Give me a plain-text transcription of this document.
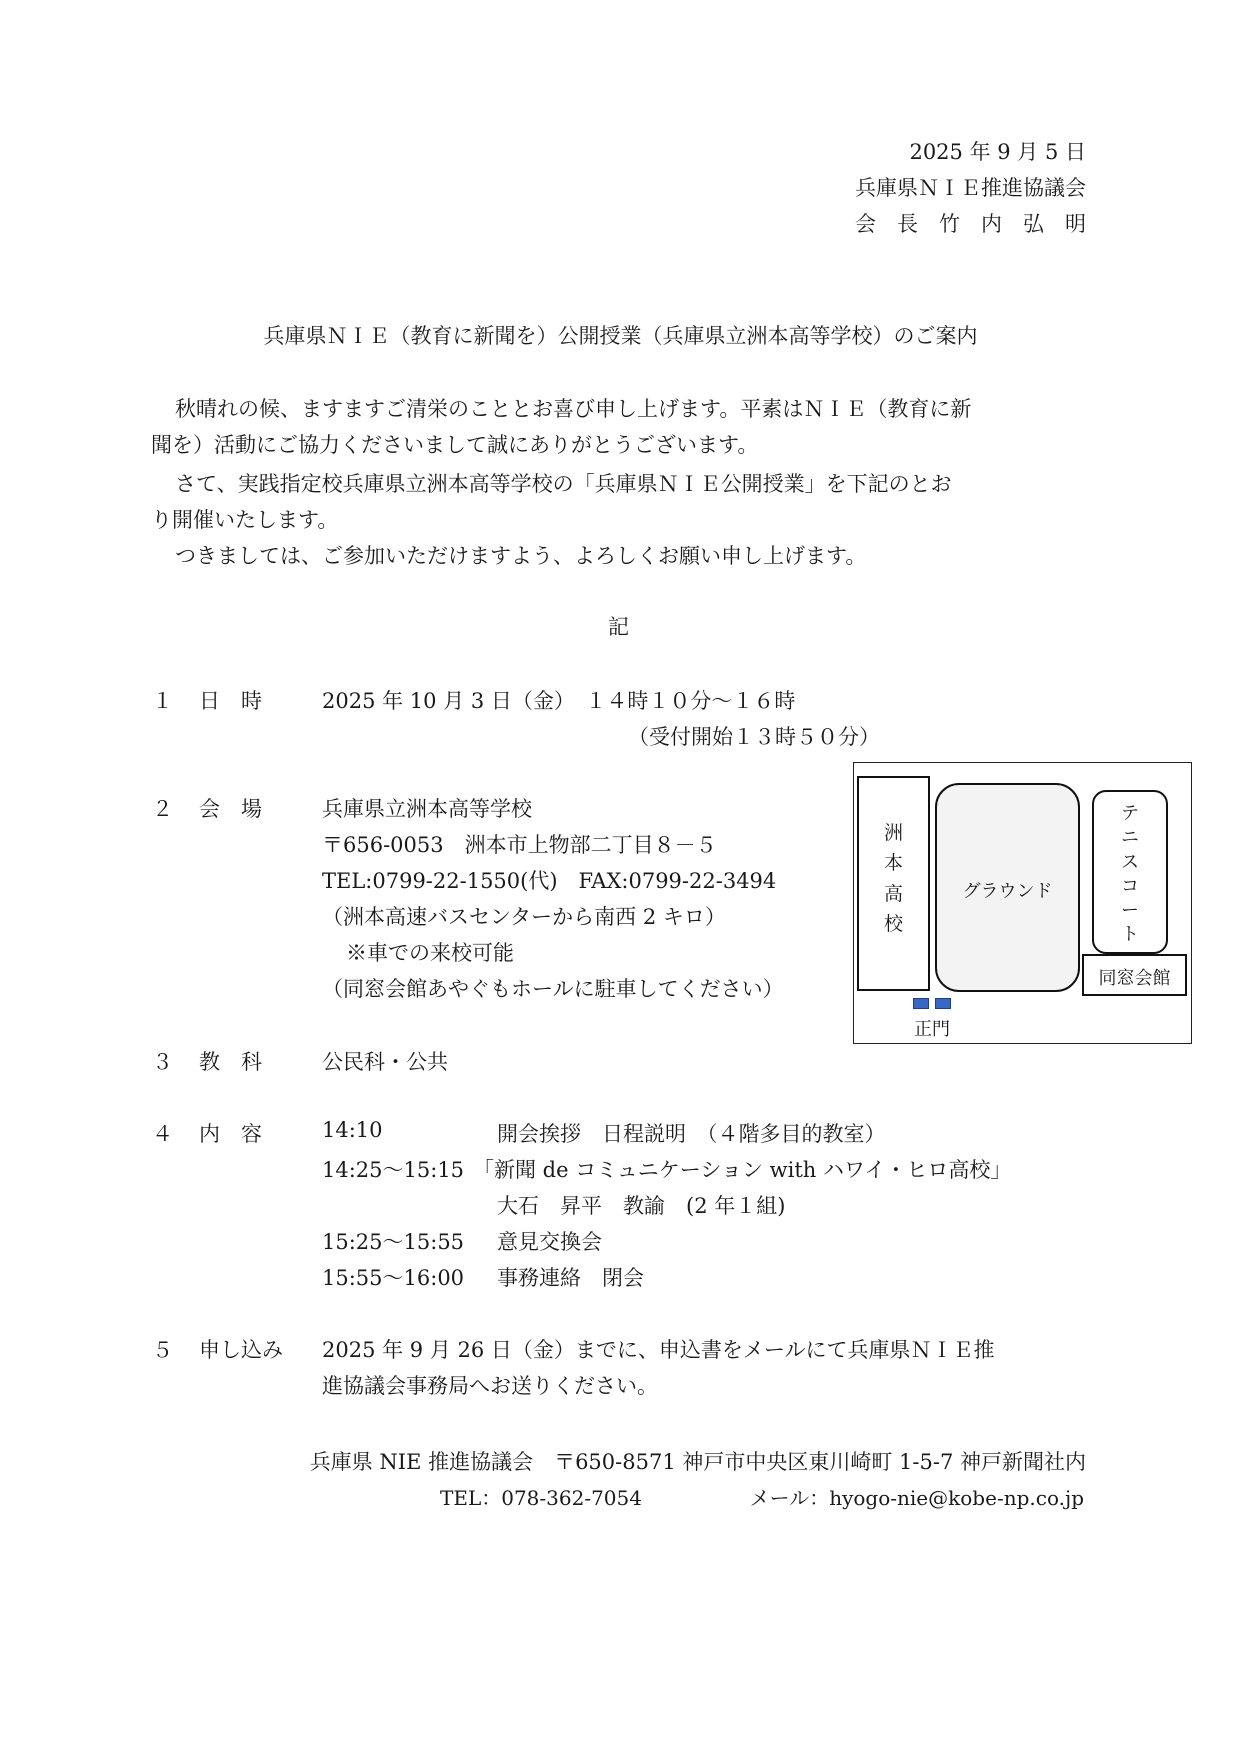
2025 年 9 月 5 日
兵庫県ＮＩＥ推進協議会
会　長　竹　内　弘　明
兵庫県ＮＩＥ（教育に新聞を）公開授業（兵庫県立洲本高等学校）のご案内
秋晴れの候、ますますご清栄のこととお喜び申し上げます。平素はＮＩＥ（教育に新
聞を）活動にご協力くださいまして誠にありがとうございます。
さて、実践指定校兵庫県立洲本高等学校の「兵庫県ＮＩＥ公開授業」を下記のとお
り開催いたします。
つきましては、ご参加いただけますよう、よろしくお願い申し上げます。
記
１ 日　時	2025 年 10 月 3 日（金）　１４時１０分～１６時
（受付開始１３時５０分）
２ 会　場	兵庫県立洲本高等学校
〒656-0053　洲本市上物部二丁目８－５
TEL:0799-22-1550(代)　FAX:0799-22-3494
（洲本高速バスセンターから南西 2 キロ）
※車での来校可能
（同窓会館あやぐもホールに駐車してください）
洲
本
高
校
グラウンド
テ
ニ
ス
コ
ー
ト
同窓会館
正門
３ 教　科	公民科・公共
４ 内　容	14:10	開会挨拶　日程説明　（４階多目的教室）
14:25～15:15 「新聞 de コミュニケーション with ハワイ・ヒロ高校」
大石　昇平　教諭　(2 年１組)
15:25～15:55 意見交換会
15:55～16:00 事務連絡　閉会
５ 申し込み 2025 年 9 月 26 日（金）までに、申込書をメールにて兵庫県ＮＩＥ推
進協議会事務局へお送りください。
兵庫県 NIE 推進協議会　〒650-8571 神戸市中央区東川崎町 1-5-7 神戸新聞社内
TEL：078-362-7054	メール：hyogo-nie@kobe-np.co.jp
